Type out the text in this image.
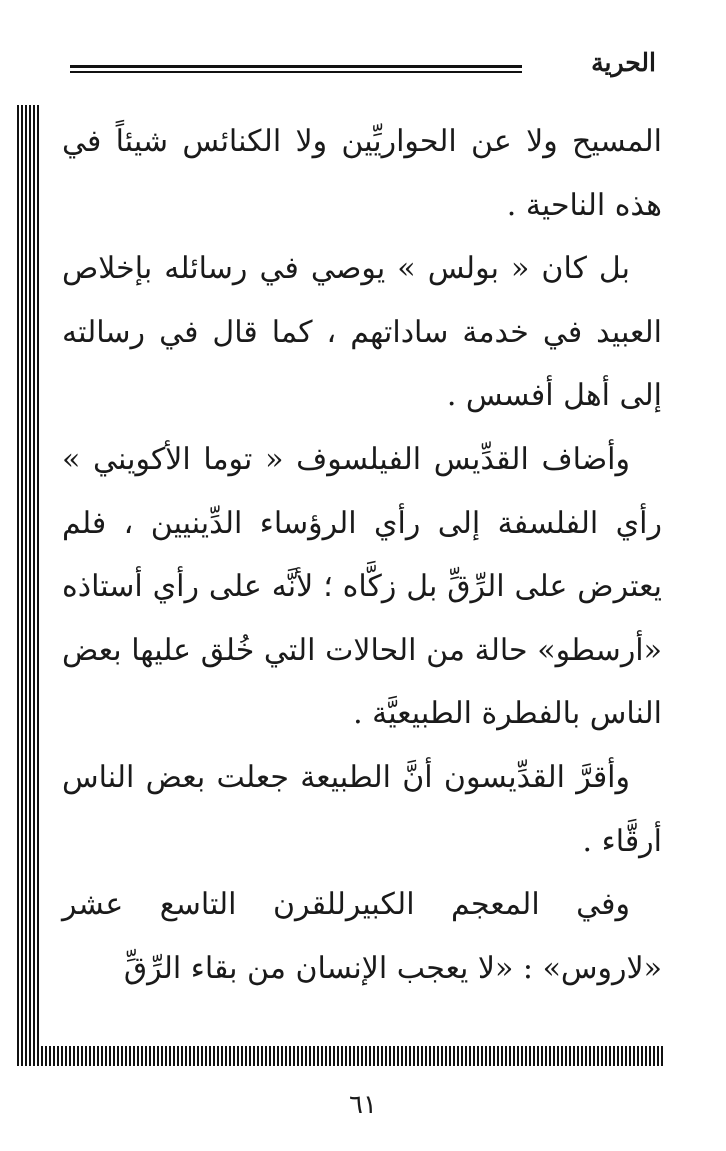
الحرية

المسيح ولا عن الحواريِّين ولا الكنائس شيئاً في هذه الناحية .

بل كان « بولس » يوصي في رسائله بإخلاص العبيد في خدمة ساداتهم ، كما قال في رسالته إلى أهل أفسس .

وأضاف القدِّيس الفيلسوف « توما الأكويني » رأي الفلسفة إلى رأي الرؤساء الدِّينيين ، فلم يعترض على الرِّقِّ بل زكَّاه ؛ لأنَّه على رأي أستاذه «أرسطو» حالة من الحالات التي خُلق عليها بعض الناس بالفطرة الطبيعيَّة .

وأقرَّ القدِّيسون أنَّ الطبيعة جعلت بعض الناس أرقَّاء .

وفي المعجم الكبيرللقرن التاسع عشر «لاروس» : «لا يعجب الإنسان من بقاء الرِّقِّ

٦١
